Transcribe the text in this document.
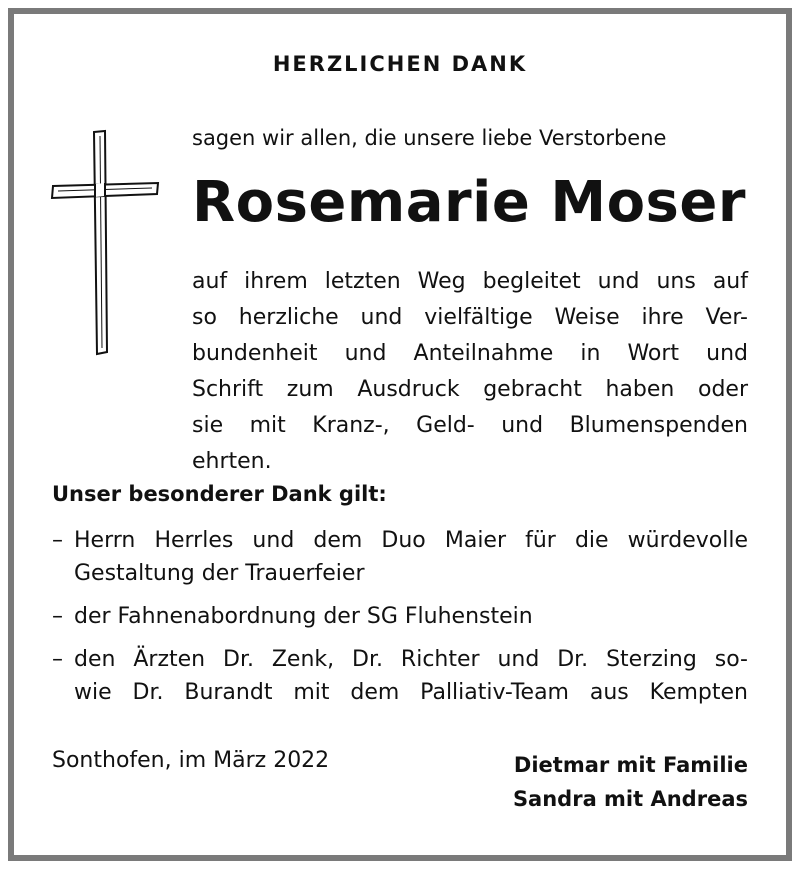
HERZLICHEN DANK
sagen wir allen, die unsere liebe Verstorbene
Rosemarie Moser
auf ihrem letzten Weg begleitet und uns auf
so herzliche und vielfältige Weise ihre Ver-
bundenheit und Anteilnahme in Wort und
Schrift zum Ausdruck gebracht haben oder
sie mit Kranz-, Geld- und Blumenspenden
ehrten.
Unser besonderer Dank gilt:
– Herrn Herrles und dem Duo Maier für die würdevolle
Gestaltung der Trauerfeier
– der Fahnenabordnung der SG Fluhenstein
– den Ärzten Dr. Zenk, Dr. Richter und Dr. Sterzing so-
wie Dr. Burandt mit dem Palliativ-Team aus Kempten
Sonthofen, im März 2022	Dietmar mit Familie
Sandra mit Andreas
